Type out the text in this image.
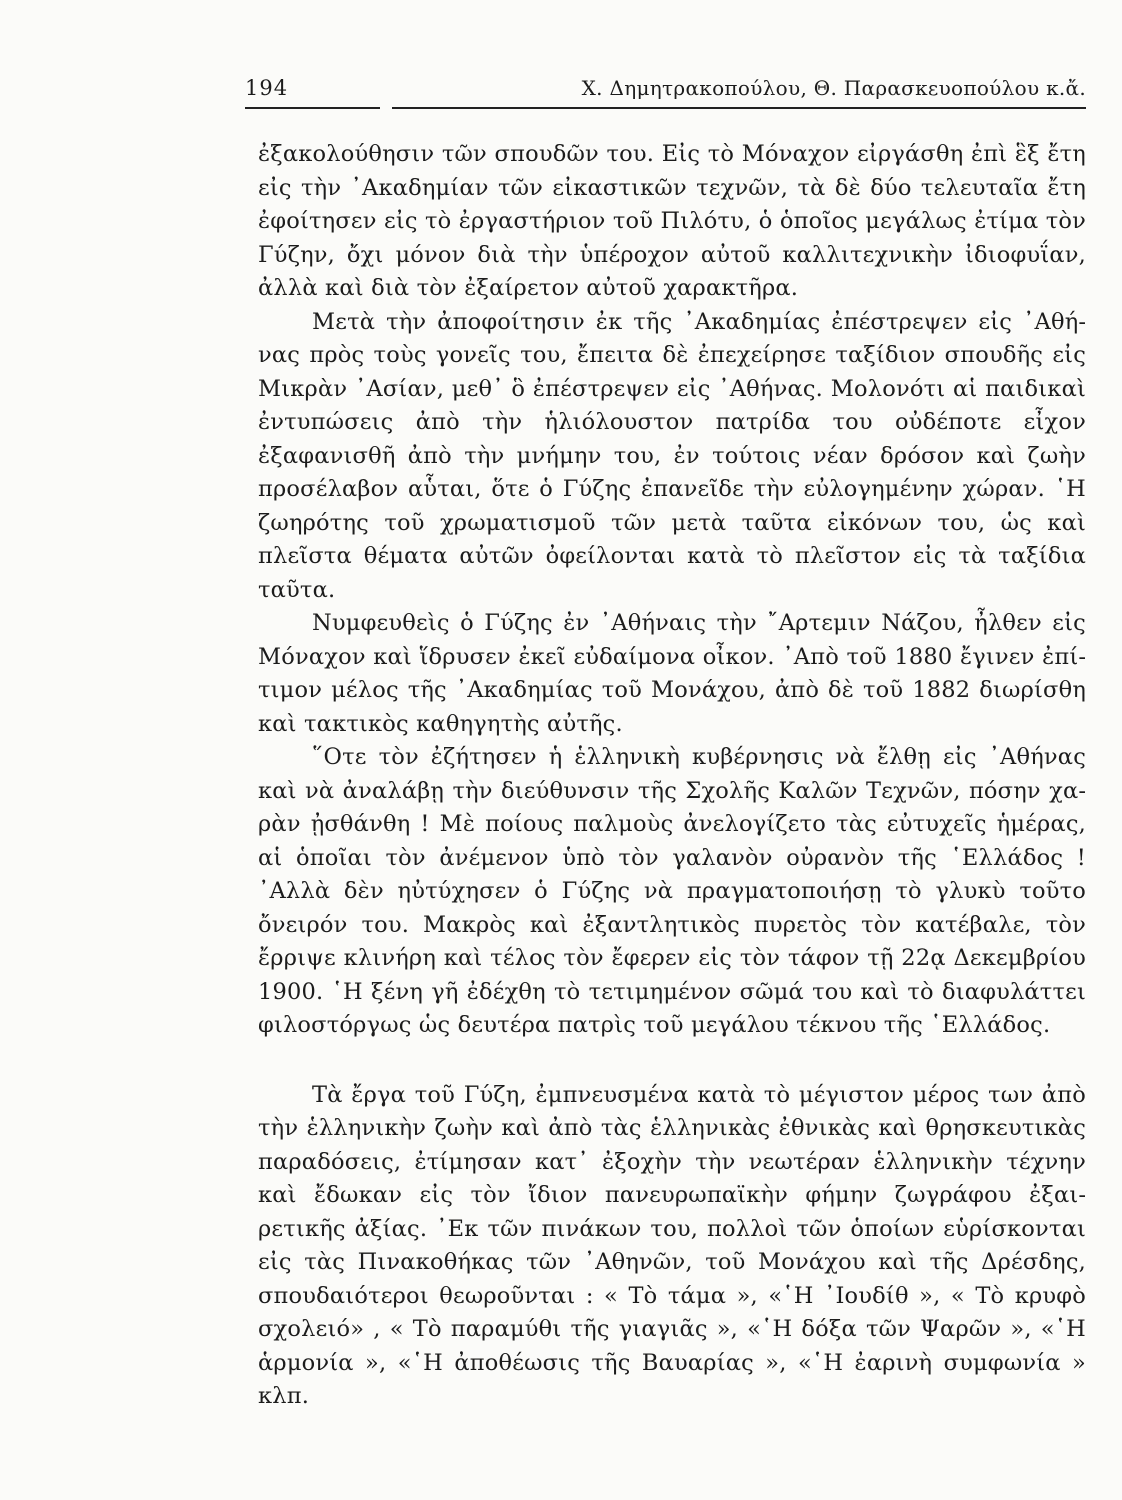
194	Χ. Δημητρακοπούλου, Θ. Παρασκευοπούλου κ.ἄ.

ἐξακολούθησιν τῶν σπουδῶν του. Εἰς τὸ Μόναχον εἰργάσθη ἐπὶ ἓξ ἔτη εἰς τὴν ᾿Ακαδημίαν τῶν εἰκαστικῶν τεχνῶν, τὰ δὲ δύο τελευταῖα ἔτη ἐφοίτησεν εἰς τὸ ἐργαστήριον τοῦ Πιλότυ, ὁ ὁποῖος μεγάλως ἐτίμα τὸν Γύζην, ὄχι μόνον διὰ τὴν ὑπέροχον αὐτοῦ καλλιτεχνικὴν ἰδιοφυΐαν, ἀλλὰ καὶ διὰ τὸν ἐξαίρετον αὐτοῦ χαρακτῆρα.

Μετὰ τὴν ἀποφοίτησιν ἐκ τῆς ᾿Ακαδημίας ἐπέστρεψεν εἰς ᾿Αθήνας πρὸς τοὺς γονεῖς του, ἔπειτα δὲ ἐπεχείρησε ταξίδιον σπουδῆς εἰς Μικρὰν ᾿Ασίαν, μεθ᾿ ὃ ἐπέστρεψεν εἰς ᾿Αθήνας. Μολονότι αἱ παιδικαὶ ἐντυπώσεις ἀπὸ τὴν ἡλιόλουστον πατρίδα του οὐδέποτε εἶχον ἐξαφανισθῆ ἀπὸ τὴν μνήμην του, ἐν τούτοις νέαν δρόσον καὶ ζωὴν προσέλαβον αὗται, ὅτε ὁ Γύζης ἐπανεῖδε τὴν εὐλογημένην χώραν. ῾Η ζωηρότης τοῦ χρωματισμοῦ τῶν μετὰ ταῦτα εἰκόνων του, ὡς καὶ πλεῖστα θέματα αὐτῶν ὀφείλονται κατὰ τὸ πλεῖστον εἰς τὰ ταξίδια ταῦτα.

Νυμφευθεὶς ὁ Γύζης ἐν ᾿Αθήναις τὴν ῎Αρτεμιν Νάζου, ἦλθεν εἰς Μόναχον καὶ ἵδρυσεν ἐκεῖ εὐδαίμονα οἶκον. ᾿Απὸ τοῦ 1880 ἔγινεν ἐπίτιμον μέλος τῆς ᾿Ακαδημίας τοῦ Μονάχου, ἀπὸ δὲ τοῦ 1882 διωρίσθη καὶ τακτικὸς καθηγητὴς αὐτῆς.

῞Οτε τὸν ἐζήτησεν ἡ ἑλληνικὴ κυβέρνησις νὰ ἔλθῃ εἰς ᾿Αθήνας καὶ νὰ ἀναλάβῃ τὴν διεύθυνσιν τῆς Σχολῆς Καλῶν Τεχνῶν, πόσην χαρὰν ᾐσθάνθη ! Μὲ ποίους παλμοὺς ἀνελογίζετο τὰς εὐτυχεῖς ἡμέρας, αἱ ὁποῖαι τὸν ἀνέμενον ὑπὸ τὸν γαλανὸν οὐρανὸν τῆς ῾Ελλάδος ! ᾿Αλλὰ δὲν ηὐτύχησεν ὁ Γύζης νὰ πραγματοποιήσῃ τὸ γλυκὺ τοῦτο ὄνειρόν του. Μακρὸς καὶ ἐξαντλητικὸς πυρετὸς τὸν κατέβαλε, τὸν ἔρριψε κλινήρη καὶ τέλος τὸν ἔφερεν εἰς τὸν τάφον τῇ 22ᾳ Δεκεμβρίου 1900. ῾Η ξένη γῆ ἐδέχθη τὸ τετιμημένον σῶμά του καὶ τὸ διαφυλάττει φιλοστόργως ὡς δευτέρα πατρὶς τοῦ μεγάλου τέκνου τῆς ῾Ελλάδος.

Τὰ ἔργα τοῦ Γύζη, ἐμπνευσμένα κατὰ τὸ μέγιστον μέρος των ἀπὸ τὴν ἑλληνικὴν ζωὴν καὶ ἀπὸ τὰς ἑλληνικὰς ἐθνικὰς καὶ θρησκευτικὰς παραδόσεις, ἐτίμησαν κατ᾿ ἐξοχὴν τὴν νεωτέραν ἑλληνικὴν τέχνην καὶ ἔδωκαν εἰς τὸν ἴδιον πανευρωπαϊκὴν φήμην ζωγράφου ἐξαιρετικῆς ἀξίας. ᾿Εκ τῶν πινάκων του, πολλοὶ τῶν ὁποίων εὑρίσκονται εἰς τὰς Πινακοθήκας τῶν ᾿Αθηνῶν, τοῦ Μονάχου καὶ τῆς Δρέσδης, σπουδαιότεροι θεωροῦνται : « Τὸ τάμα », «῾Η ᾿Ιουδίθ », « Τὸ κρυφὸ σχολειό» , « Τὸ παραμύθι τῆς γιαγιᾶς », «῾Η δόξα τῶν Ψαρῶν », «῾Η ἁρμονία », «῾Η ἀποθέωσις τῆς Βαυαρίας », «῾Η ἐαρινὴ συμφωνία » κλπ.
